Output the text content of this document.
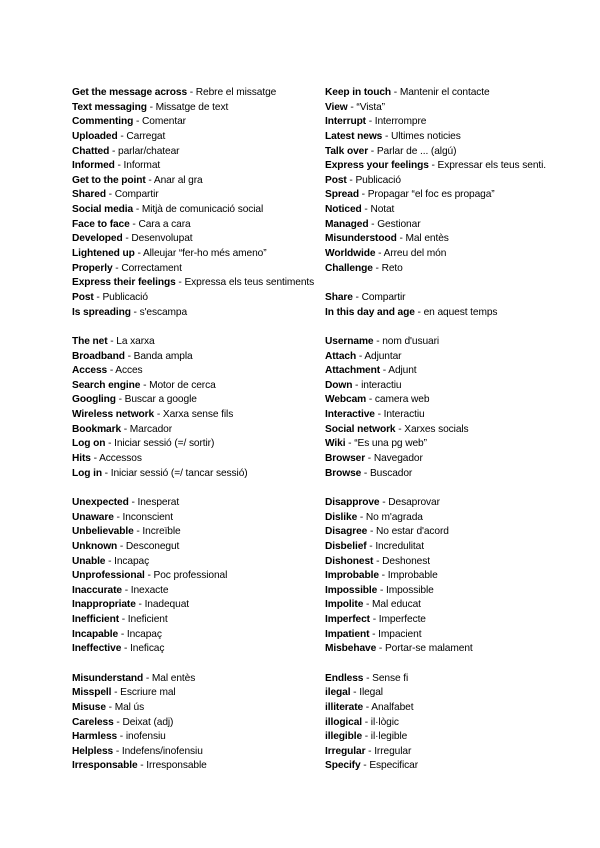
Get the message across - Rebre el missatge
Text messaging - Missatge de text
Commenting - Comentar
Uploaded - Carregat
Chatted - parlar/chatear
Informed - Informat
Get to the point - Anar al gra
Shared - Compartir
Social media - Mitjà de comunicació social
Face to face - Cara a cara
Developed - Desenvolupat
Lightened up - Alleujar “fer-ho més ameno”
Properly - Correctament
Express their feelings - Expressa els teus sentiments
Post - Publicació
Is spreading - s'escampa
The net - La xarxa
Broadband - Banda ampla
Access - Acces
Search engine - Motor de cerca
Googling - Buscar a google
Wireless network - Xarxa sense fils
Bookmark - Marcador
Log on - Iniciar sessió (=/ sortir)
Hits - Accessos
Log in - Iniciar sessió (=/ tancar sessió)
Unexpected - Inesperat
Unaware - Inconscient
Unbelievable - Increïble
Unknown - Desconegut
Unable - Incapaç
Unprofessional - Poc professional
Inaccurate - Inexacte
Inappropriate - Inadequat
Inefficient - Ineficient
Incapable - Incapaç
Ineffective - Ineficaç
Misunderstand - Mal entès
Misspell - Escriure mal
Misuse - Mal ús
Careless - Deixat (adj)
Harmless - inofensiu
Helpless - Indefens/inofensiu
Irresponsable - Irresponsable
Keep in touch - Mantenir el contacte
View - “Vista”
Interrupt - Interrompre
Latest news - Ultimes noticies
Talk over - Parlar de ... (algú)
Express your feelings - Expressar els teus senti.
Post - Publicació
Spread - Propagar “el foc es propaga”
Noticed - Notat
Managed - Gestionar
Misunderstood - Mal entès
Worldwide - Arreu del món
Challenge - Reto
Share - Compartir
In this day and age - en aquest temps
Username - nom d'usuari
Attach - Adjuntar
Attachment - Adjunt
Down - interactiu
Webcam - camera web
Interactive - Interactiu
Social network - Xarxes socials
Wiki - “Es una pg web”
Browser - Navegador
Browse - Buscador
Disapprove - Desaprovar
Dislike - No m'agrada
Disagree - No estar d'acord
Disbelief - Incredulitat
Dishonest - Deshonest
Improbable - Improbable
Impossible - Impossible
Impolite - Mal educat
Imperfect - Imperfecte
Impatient - Impacient
Misbehave - Portar-se malament
Endless - Sense fi
ilegal - Ilegal
illiterate - Analfabet
illogical - il·lògic
illegible - il·legible
Irregular - Irregular
Specify - Especificar
